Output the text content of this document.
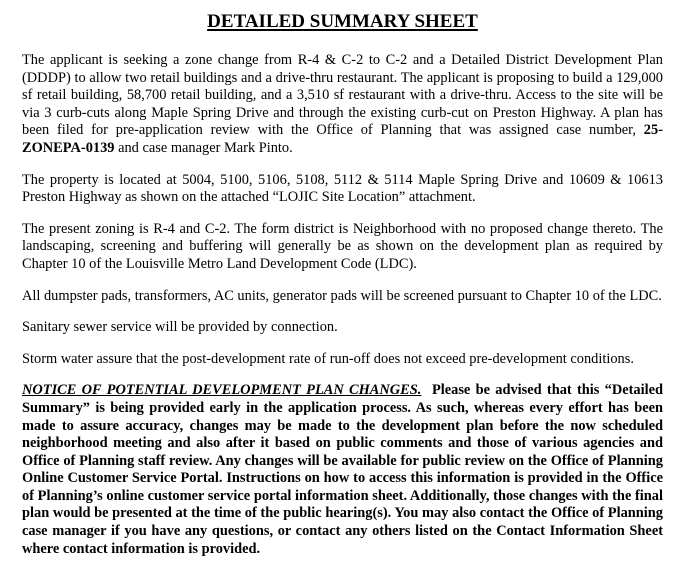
DETAILED SUMMARY SHEET

The applicant is seeking a zone change from R-4 & C-2 to C-2 and a Detailed District Development Plan (DDDP) to allow two retail buildings and a drive-thru restaurant. The applicant is proposing to build a 129,000 sf retail building, 58,700 retail building, and a 3,510 sf restaurant with a drive-thru. Access to the site will be via 3 curb-cuts along Maple Spring Drive and through the existing curb-cut on Preston Highway. A plan has been filed for pre-application review with the Office of Planning that was assigned case number, 25-ZONEPA-0139 and case manager Mark Pinto.

The property is located at 5004, 5100, 5106, 5108, 5112 & 5114 Maple Spring Drive and 10609 & 10613 Preston Highway as shown on the attached “LOJIC Site Location” attachment.

The present zoning is R-4 and C-2. The form district is Neighborhood with no proposed change thereto. The landscaping, screening and buffering will generally be as shown on the development plan as required by Chapter 10 of the Louisville Metro Land Development Code (LDC).

All dumpster pads, transformers, AC units, generator pads will be screened pursuant to Chapter 10 of the LDC.

Sanitary sewer service will be provided by connection.

Storm water assure that the post-development rate of run-off does not exceed pre-development conditions.

NOTICE OF POTENTIAL DEVELOPMENT PLAN CHANGES. Please be advised that this “Detailed Summary” is being provided early in the application process. As such, whereas every effort has been made to assure accuracy, changes may be made to the development plan before the now scheduled neighborhood meeting and also after it based on public comments and those of various agencies and Office of Planning staff review. Any changes will be available for public review on the Office of Planning Online Customer Service Portal. Instructions on how to access this information is provided in the Office of Planning’s online customer service portal information sheet. Additionally, those changes with the final plan would be presented at the time of the public hearing(s). You may also contact the Office of Planning case manager if you have any questions, or contact any others listed on the Contact Information Sheet where contact information is provided.
